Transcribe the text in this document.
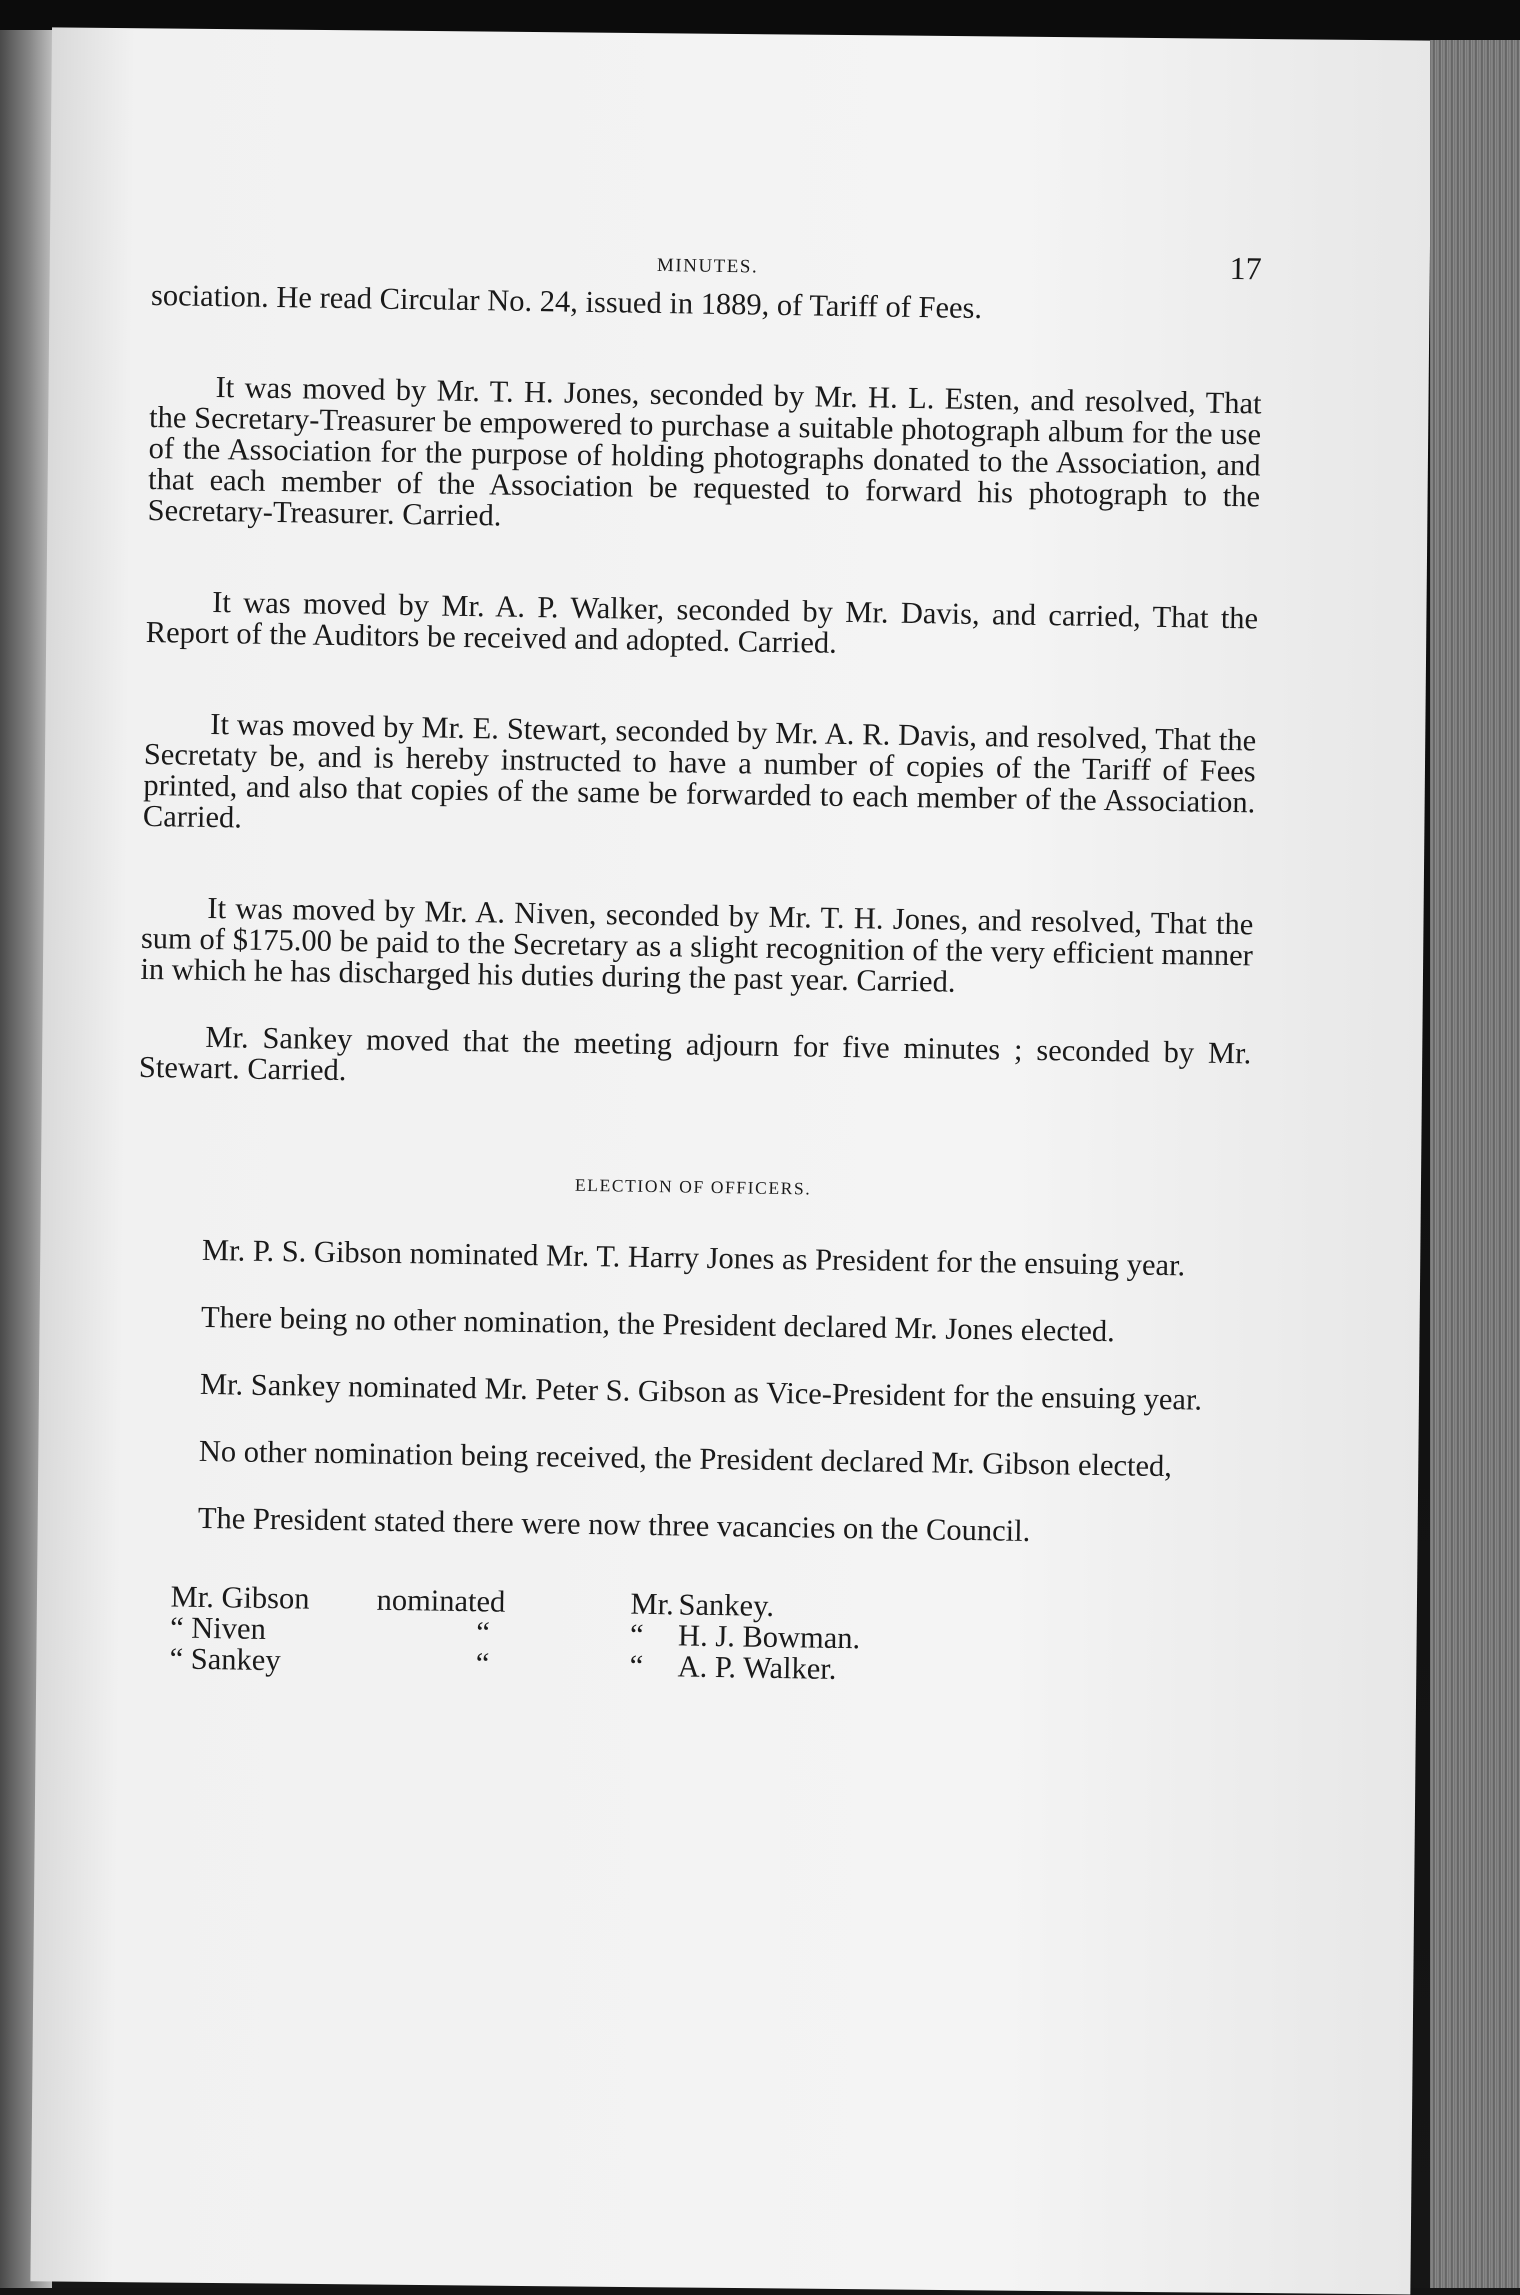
MINUTES.	17

sociation. He read Circular No. 24, issued in 1889, of Tariff of Fees.

It was moved by Mr. T. H. Jones, seconded by Mr. H. L. Esten, and resolved, That the Secretary-Treasurer be empowered to purchase a suitable photograph album for the use of the Association for the purpose of holding photographs donated to the Association, and that each member of the Association be requested to forward his photograph to the Secretary-Treasurer. Carried.

It was moved by Mr. A. P. Walker, seconded by Mr. Davis, and carried, That the Report of the Auditors be received and adopted. Carried.

It was moved by Mr. E. Stewart, seconded by Mr. A. R. Davis, and resolved, That the Secretaty be, and is hereby instructed to have a number of copies of the Tariff of Fees printed, and also that copies of the same be forwarded to each member of the Association. Carried.

It was moved by Mr. A. Niven, seconded by Mr. T. H. Jones, and resolved, That the sum of $175.00 be paid to the Secretary as a slight recognition of the very efficient manner in which he has discharged his duties during the past year. Carried.

Mr. Sankey moved that the meeting adjourn for five minutes ; seconded by Mr. Stewart. Carried.

ELECTION OF OFFICERS.

Mr. P. S. Gibson nominated Mr. T. Harry Jones as President for the ensuing year.

There being no other nomination, the President declared Mr. Jones elected.

Mr. Sankey nominated Mr. Peter S. Gibson as Vice-President for the ensuing year.

No other nomination being received, the President declared Mr. Gibson elected,

The President stated there were now three vacancies on the Council.

Mr. Gibson	nominated	Mr.	Sankey.
“ Niven	“	“	H. J. Bowman.
“ Sankey	“	“	A. P. Walker.
